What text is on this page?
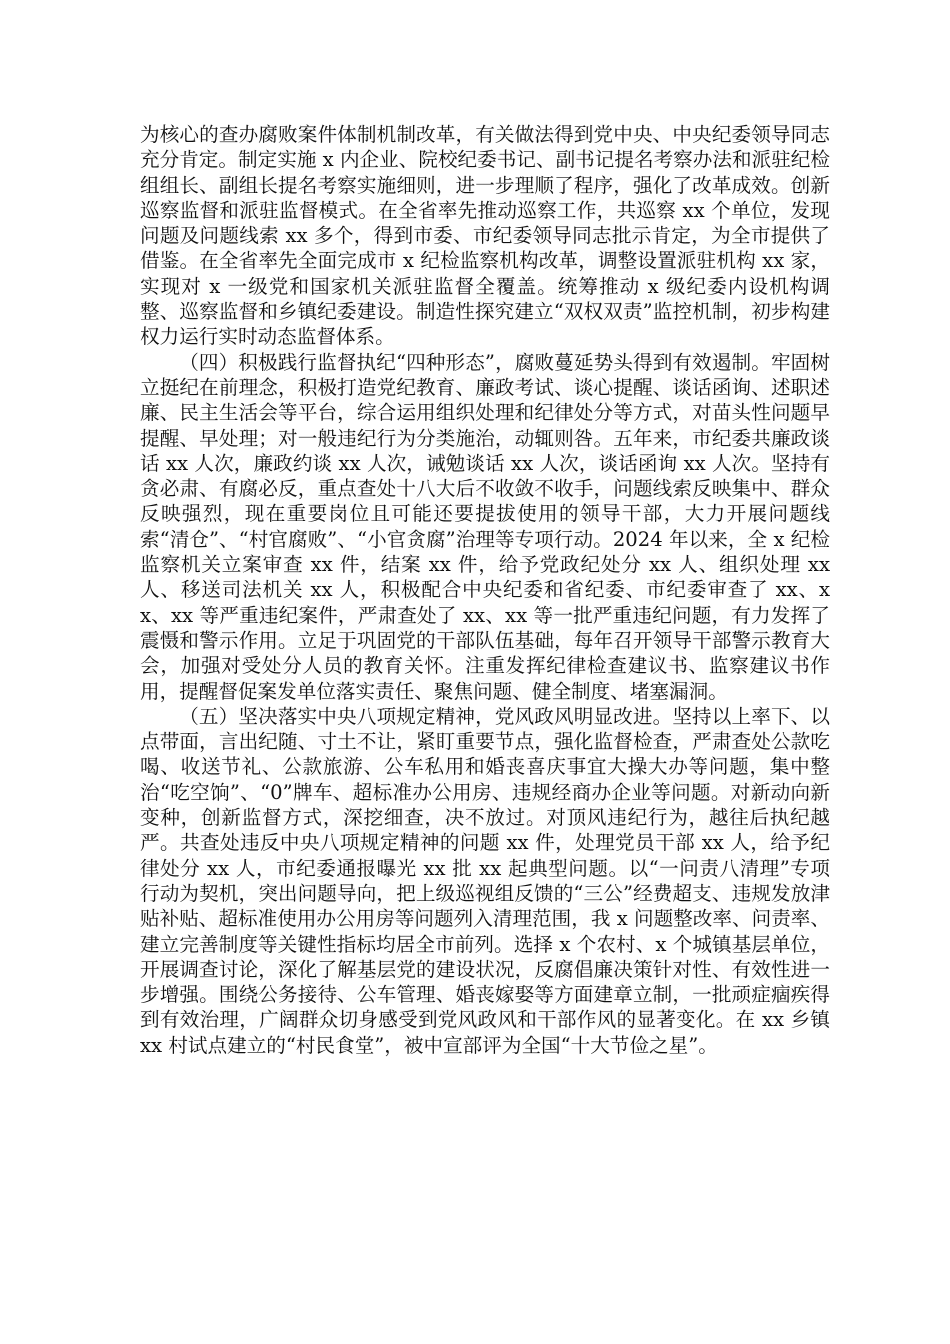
为核心的查办腐败案件体制机制改革，有关做法得到党中央、中央纪委领导同志充分肯定。制定实施 x 内企业、院校纪委书记、副书记提名考察办法和派驻纪检组组长、副组长提名考察实施细则，进一步理顺了程序，强化了改革成效。创新巡察监督和派驻监督模式。在全省率先推动巡察工作，共巡察 xx 个单位，发现问题及问题线索 xx 多个，得到市委、市纪委领导同志批示肯定，为全市提供了借鉴。在全省率先全面完成市 x 纪检监察机构改革，调整设置派驻机构 xx 家，实现对 x 一级党和国家机关派驻监督全覆盖。统筹推动 x 级纪委内设机构调整、巡察监督和乡镇纪委建设。制造性探究建立“双权双责”监控机制，初步构建权力运行实时动态监督体系。

（四）积极践行监督执纪“四种形态”，腐败蔓延势头得到有效遏制。牢固树立挺纪在前理念，积极打造党纪教育、廉政考试、谈心提醒、谈话函询、述职述廉、民主生活会等平台，综合运用组织处理和纪律处分等方式，对苗头性问题早提醒、早处理；对一般违纪行为分类施治，动辄则咎。五年来，市纪委共廉政谈话 xx 人次，廉政约谈 xx 人次，诫勉谈话 xx 人次，谈话函询 xx 人次。坚持有贪必肃、有腐必反，重点查处十八大后不收敛不收手，问题线索反映集中、群众反映强烈，现在重要岗位且可能还要提拔使用的领导干部，大力开展问题线索“清仓”、“村官腐败”、“小官贪腐”治理等专项行动。2024 年以来，全 x 纪检监察机关立案审查 xx 件，结案 xx 件，给予党政纪处分 xx 人、组织处理 xx 人、移送司法机关 xx 人，积极配合中央纪委和省纪委、市纪委审查了 xx、xx、xx 等严重违纪案件，严肃查处了 xx、xx 等一批严重违纪问题，有力发挥了震慑和警示作用。立足于巩固党的干部队伍基础，每年召开领导干部警示教育大会，加强对受处分人员的教育关怀。注重发挥纪律检查建议书、监察建议书作用，提醒督促案发单位落实责任、聚焦问题、健全制度、堵塞漏洞。

（五）坚决落实中央八项规定精神，党风政风明显改进。坚持以上率下、以点带面，言出纪随、寸土不让，紧盯重要节点，强化监督检查，严肃查处公款吃喝、收送节礼、公款旅游、公车私用和婚丧喜庆事宜大操大办等问题，集中整治“吃空饷”、“0”牌车、超标准办公用房、违规经商办企业等问题。对新动向新变种，创新监督方式，深挖细查，决不放过。对顶风违纪行为，越往后执纪越严。共查处违反中央八项规定精神的问题 xx 件，处理党员干部 xx 人，给予纪律处分 xx 人，市纪委通报曝光 xx 批 xx 起典型问题。以“一问责八清理”专项行动为契机，突出问题导向，把上级巡视组反馈的“三公”经费超支、违规发放津贴补贴、超标准使用办公用房等问题列入清理范围，我 x 问题整改率、问责率、建立完善制度等关键性指标均居全市前列。选择 x 个农村、x 个城镇基层单位，开展调查讨论，深化了解基层党的建设状况，反腐倡廉决策针对性、有效性进一步增强。围绕公务接待、公车管理、婚丧嫁娶等方面建章立制，一批顽症痼疾得到有效治理，广阔群众切身感受到党风政风和干部作风的显著变化。在 xx 乡镇 xx 村试点建立的“村民食堂”，被中宣部评为全国“十大节俭之星”。
